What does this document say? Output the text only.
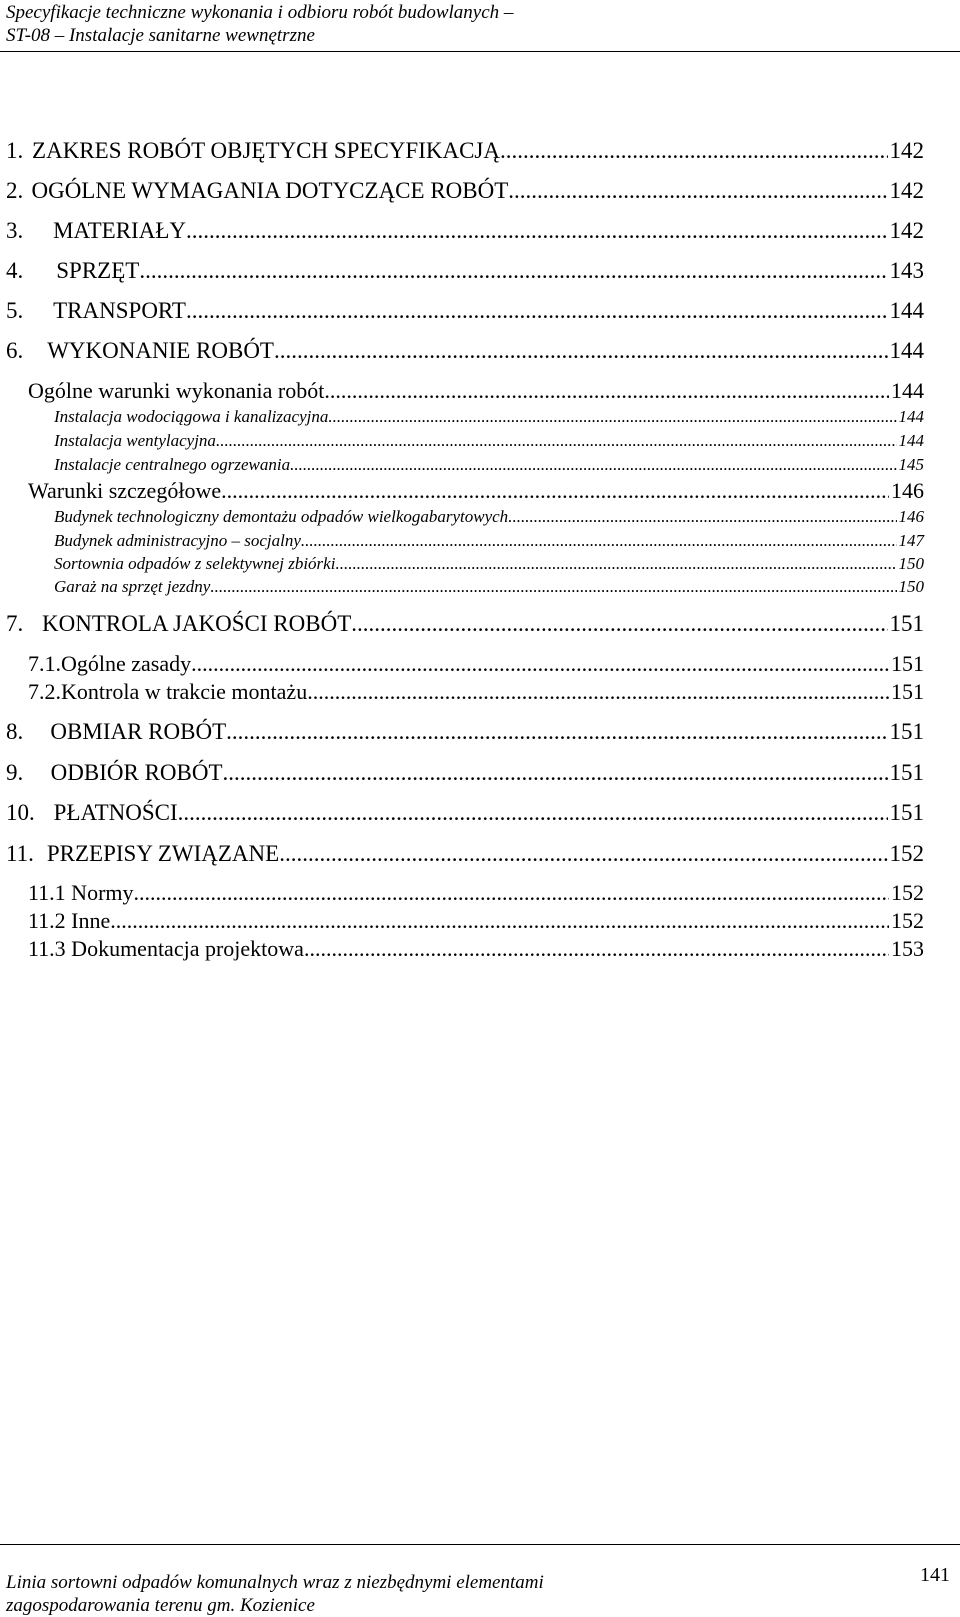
Specyfikacje techniczne wykonania i odbioru robót budowlanych –
ST-08 – Instalacje sanitarne wewnętrzne
1. ZAKRES ROBÓT OBJĘTYCH SPECYFIKACJĄ .....	142
2. OGÓLNE WYMAGANIA DOTYCZĄCE ROBÓT .....	142
3.	MATERIAŁY .....	142
4.	SPRZĘT .....	143
5.	TRANSPORT .....	144
6.	WYKONANIE ROBÓT .....	144
Ogólne warunki wykonania robót .....	144
Instalacja wodociągowa i kanalizacyjna .....	144
Instalacja wentylacyjna .....	144
Instalacje centralnego ogrzewania .....	145
Warunki szczegółowe .....	146
Budynek technologiczny demontażu odpadów wielkogabarytowych .....	146
Budynek administracyjno – socjalny .....	147
Sortownia odpadów z selektywnej zbiórki .....	150
Garaż na sprzęt jezdny .....	150
7. KONTROLA JAKOŚCI ROBÓT .....	151
7.1. Ogólne zasady .....	151
7.2. Kontrola w trakcie montażu .....	151
8.	OBMIAR ROBÓT .....	151
9.	ODBIÓR ROBÓT .....	151
10. PŁATNOŚCI .....	151
11. PRZEPISY ZWIĄZANE .....	152
11.1 Normy .....	152
11.2 Inne .....	152
11.3 Dokumentacja projektowa .....	153
Linia sortowni odpadów komunalnych wraz z niezbędnymi elementami
zagospodarowania terenu gm. Kozienice
141
